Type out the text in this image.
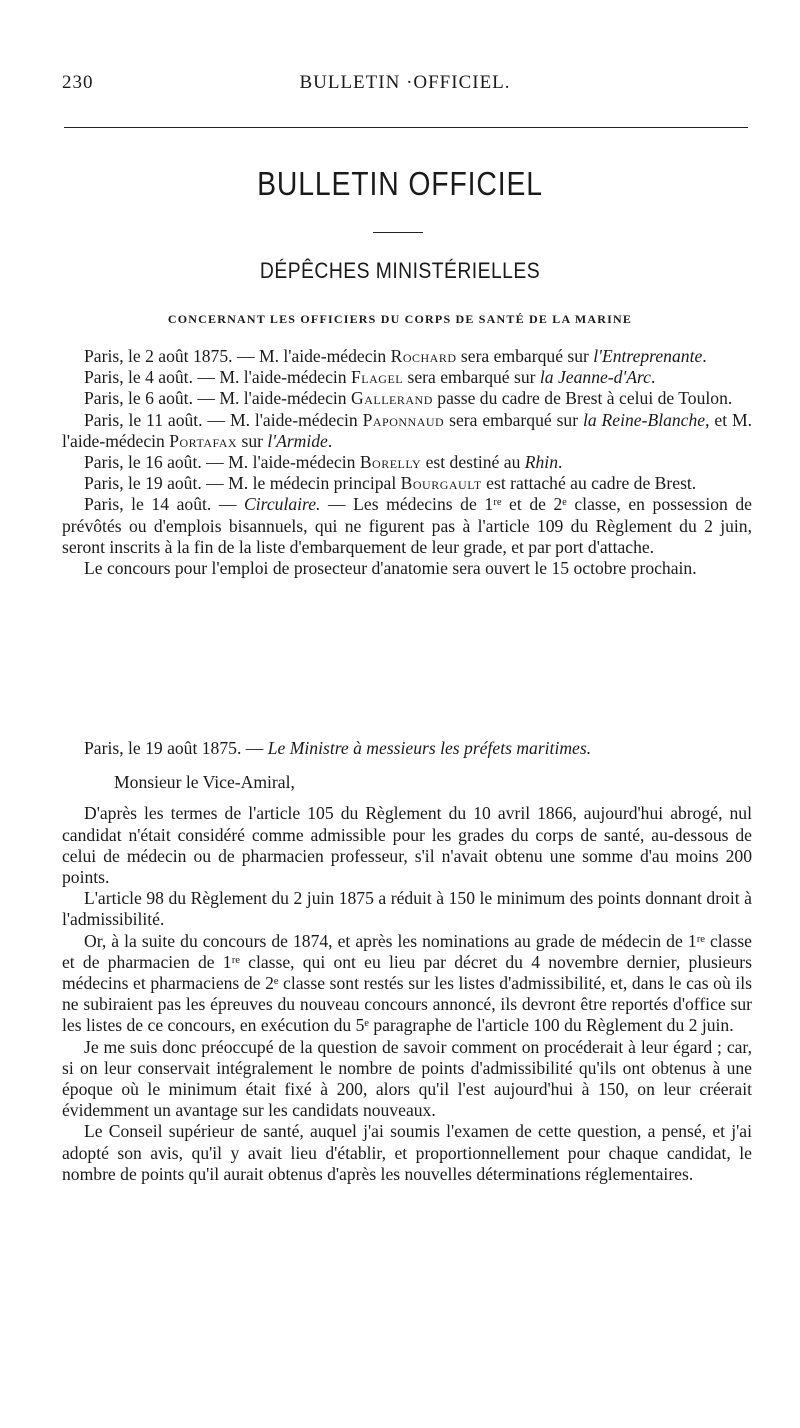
230	BULLETIN ·OFFICIEL.
BULLETIN OFFICIEL
DÉPÊCHES MINISTÉRIELLES
CONCERNANT LES OFFICIERS DU CORPS DE SANTÉ DE LA MARINE

Paris, le 2 août 1875. — M. l'aide-médecin Rochard sera embarqué sur l'Entreprenante.

Paris, le 4 août. — M. l'aide-médecin Flagel sera embarqué sur la Jeanne-d'Arc.

Paris, le 6 août. — M. l'aide-médecin Gallerand passe du cadre de Brest à celui de Toulon.

Paris, le 11 août. — M. l'aide-médecin Paponnaud sera embarqué sur la Reine-Blanche, et M. l'aide-médecin Portafax sur l'Armide.

Paris, le 16 août. — M. l'aide-médecin Borelly est destiné au Rhin.

Paris, le 19 août. — M. le médecin principal Bourgault est rattaché au cadre de Brest.

Paris, le 14 août. — Circulaire. — Les médecins de 1ʳᵉ et de 2ᵉ classe, en possession de prévôtés ou d'emplois bisannuels, qui ne figurent pas à l'article 109 du Règlement du 2 juin, seront inscrits à la fin de la liste d'embarquement de leur grade, et par port d'attache.

Le concours pour l'emploi de prosecteur d'anatomie sera ouvert le 15 octobre prochain.

Paris, le 19 août 1875. — Le Ministre à messieurs les préfets maritimes.

Monsieur le Vice-Amiral,

D'après les termes de l'article 105 du Règlement du 10 avril 1866, aujourd'hui abrogé, nul candidat n'était considéré comme admissible pour les grades du corps de santé, au-dessous de celui de médecin ou de pharmacien professeur, s'il n'avait obtenu une somme d'au moins 200 points.

L'article 98 du Règlement du 2 juin 1875 a réduit à 150 le minimum des points donnant droit à l'admissibilité.

Or, à la suite du concours de 1874, et après les nominations au grade de médecin de 1ʳᵉ classe et de pharmacien de 1ʳᵉ classe, qui ont eu lieu par décret du 4 novembre dernier, plusieurs médecins et pharmaciens de 2ᵉ classe sont restés sur les listes d'admissibilité, et, dans le cas où ils ne subiraient pas les épreuves du nouveau concours annoncé, ils devront être reportés d'office sur les listes de ce concours, en exécution du 5ᵉ paragraphe de l'article 100 du Règlement du 2 juin.

Je me suis donc préoccupé de la question de savoir comment on procéderait à leur égard ; car, si on leur conservait intégralement le nombre de points d'admissibilité qu'ils ont obtenus à une époque où le minimum était fixé à 200, alors qu'il l'est aujourd'hui à 150, on leur créerait évidemment un avantage sur les candidats nouveaux.

Le Conseil supérieur de santé, auquel j'ai soumis l'examen de cette question, a pensé, et j'ai adopté son avis, qu'il y avait lieu d'établir, et proportionnellement pour chaque candidat, le nombre de points qu'il aurait obtenus d'après les nouvelles déterminations réglementaires.
